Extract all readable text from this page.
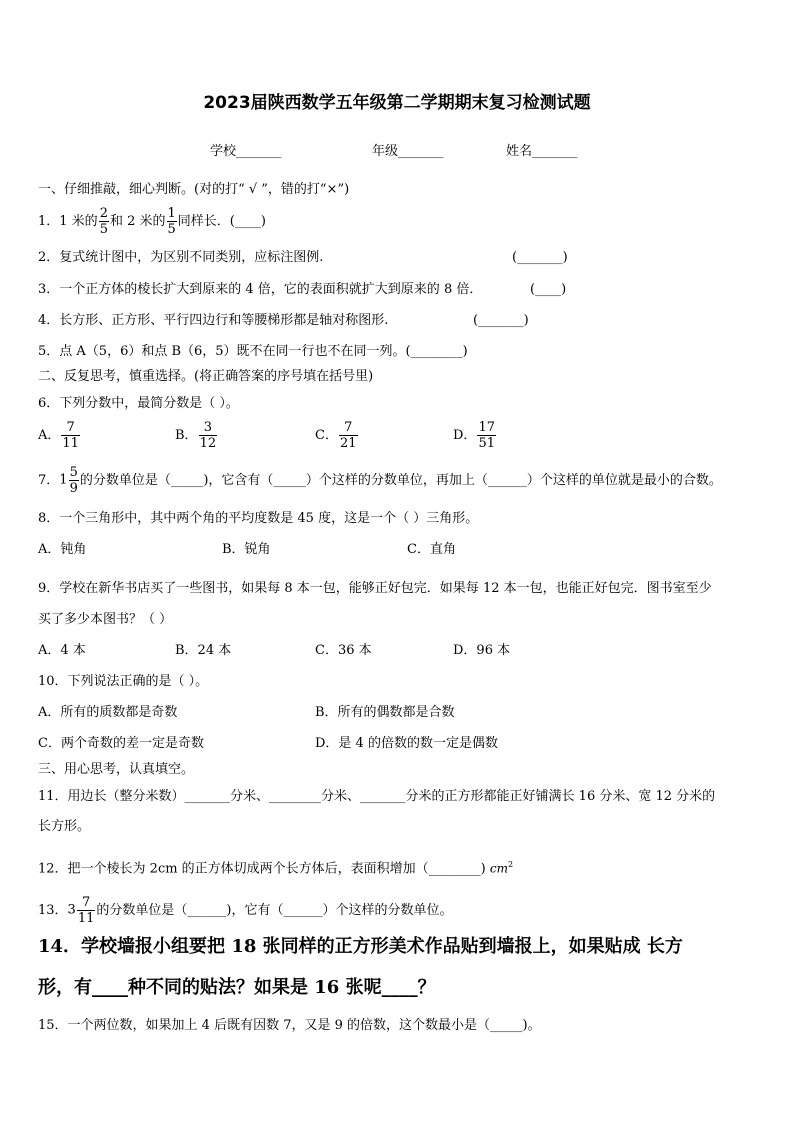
2023届陕西数学五年级第二学期期末复习检测试题
学校_______	年级_______	姓名_______
一、仔细推敲，细心判断。(对的打“ √ ”，错的打“×”)
1．1 米的 $\frac{2}{5}$ 和 2 米的 $\frac{1}{5}$ 同样长．(____)
2．复式统计图中，为区别不同类别，应标注图例.	(_______)
3．一个正方体的棱长扩大到原来的 4 倍，它的表面积就扩大到原来的 8 倍．	(____)
4．长方形、正方形、平行四边行和等腰梯形都是轴对称图形.	(_______)
5．点 A（5，6）和点 B（6，5）既不在同一行也不在同一列。(________)
二、反复思考，慎重选择。(将正确答案的序号填在括号里)
6．下列分数中，最简分数是（ ）。
A． $\frac{7}{11}$	B． $\frac{3}{12}$	C． $\frac{7}{21}$	D． $\frac{17}{51}$
7．$1 \frac{5}{9}$ 的分数单位是（_____)，它含有（_____）个这样的分数单位，再加上（______）个这样的单位就是最小的合数。
8．一个三角形中，其中两个角的平均度数是 45 度，这是一个（ ）三角形。
A．钝角	B．锐角	C．直角
9．学校在新华书店买了一些图书，如果每 8 本一包，能够正好包完．如果每 12 本一包，也能正好包完．图书室至少
买了多少本图书？（ ）
A．4 本	B．24 本	C．36 本	D．96 本
10．下列说法正确的是（ ）。
A．所有的质数都是奇数	B．所有的偶数都是合数
C．两个奇数的差一定是奇数	D．是 4 的倍数的数一定是偶数
三、用心思考，认真填空。
11．用边长（整分米数）_______分米、________分米、_______分米的正方形都能正好铺满长 16 分米、宽 12 分米的
长方形。
12．把一个棱长为 2cm 的正方体切成两个长方体后，表面积增加（________) $cm^2$
13．$3 \frac{7}{11}$ 的分数单位是（______)，它有（______）个这样的分数单位。
14．学校墙报小组要把 18 张同样的正方形美术作品贴到墙报上，如果贴成 长方
形，有____种不同的贴法？如果是 16 张呢____？
15．一个两位数，如果加上 4 后既有因数 7，又是 9 的倍数，这个数最小是（_____)。
